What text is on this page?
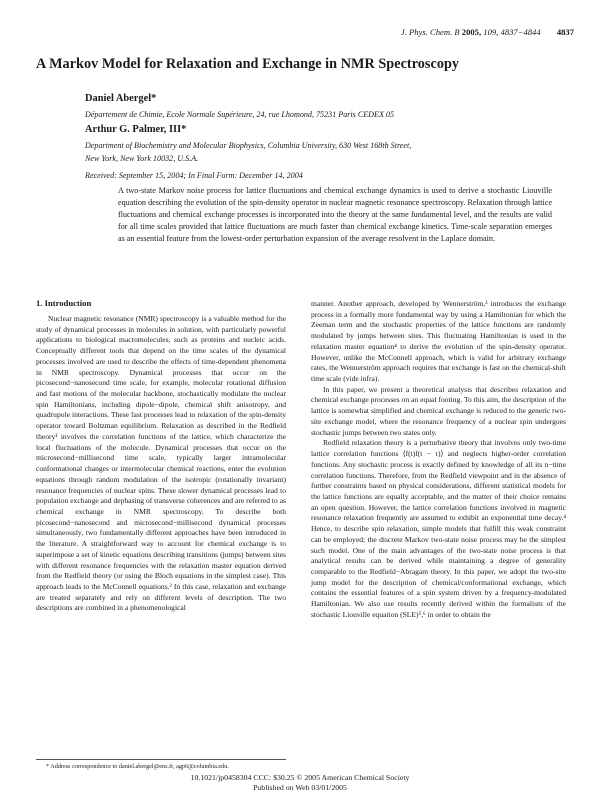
J. Phys. Chem. B 2005, 109, 4837−4844 4837
A Markov Model for Relaxation and Exchange in NMR Spectroscopy
Daniel Abergel*
Département de Chimie, Ecole Normale Supérieure, 24, rue Lhomond, 75231 Paris CEDEX 05
Arthur G. Palmer, III*
Department of Biochemistry and Molecular Biophysics, Columbia University, 630 West 168th Street,
New York, New York 10032, U.S.A.
Received: September 15, 2004; In Final Form: December 14, 2004
A two-state Markov noise process for lattice fluctuations and chemical exchange dynamics is used to derive a stochastic Liouville equation describing the evolution of the spin-density operator in nuclear magnetic resonance spectroscopy. Relaxation through lattice fluctuations and chemical exchange processes is incorporated into the theory at the same fundamental level, and the results are valid for all time scales provided that lattice fluctuations are much faster than chemical exchange kinetics. Time-scale separation emerges as an essential feature from the lowest-order perturbation expansion of the average resolvent in the Laplace domain.
1. Introduction

Nuclear magnetic resonance (NMR) spectroscopy is a valuable method for the study of dynamical processes in molecules in solution, with particularly powerful applications to biological macromolecules, such as proteins and nucleic acids. Conceptually different tools that depend on the time scales of the dynamical processes involved are used to describe the effects of time-dependent phenomena in NMR spectroscopy. Dynamical processes that occur on the picosecond−nanosecond time scale, for example, molecular rotational diffusion and fast motions of the molecular backbone, stochastically modulate the nuclear spin Hamiltonians, including dipole−dipole, chemical shift anisotropy, and quadrupole interactions. These fast processes lead to relaxation of the spin-density operator toward Boltzman equilibrium. Relaxation as described in the Redfield theory¹ involves the correlation functions of the lattice, which characterize the local fluctuations of the molecule. Dynamical processes that occur on the microsecond−millisecond time scale, typically larger intramolecular conformational changes or intermolecular chemical reactions, enter the evolution equations through random modulation of the isotropic (rotationally invariant) resonance frequencies of nuclear spins. These slower dynamical processes lead to population exchange and dephasing of transverse coherences and are referred to as chemical exchange in NMR spectroscopy. To describe both picosecond−nanosecond and microsecond−millisecond dynamical processes simultaneously, two fundamentally different approaches have been introduced in the literature. A straightforward way to account for chemical exchange is to superimpose a set of kinetic equations describing transitions (jumps) between sites with different resonance frequencies with the relaxation master equation derived from the Redfield theory (or using the Bloch equations in the simplest case). This approach leads to the McConnell equations.² In this case, relaxation and exchange are treated separately and rely on different levels of description. The two descriptions are combined in a phenomenological

manner. Another approach, developed by Wennerström,³ introduces the exchange process in a formally more fundamental way by using a Hamiltonian for which the Zeeman term and the stochastic properties of the lattice functions are randomly modulated by jumps between sites. This fluctuating Hamiltonian is used in the relaxation master equation⁴ to derive the evolution of the spin-density operator. However, unlike the McConnell approach, which is valid for arbitrary exchange rates, the Wennerström approach requires that exchange is fast on the chemical-shift time scale (vide infra).

In this paper, we present a theoretical analysis that describes relaxation and chemical exchange processes on an equal footing. To this aim, the description of the lattice is somewhat simplified and chemical exchange is reduced to the generic two-site exchange model, where the resonance frequency of a nuclear spin undergoes stochastic jumps between two states only.

Redfield relaxation theory is a perturbative theory that involves only two-time lattice correlation functions ⟨f(t)f(t − τ)⟩ and neglects higher-order correlation functions. Any stochastic process is exactly defined by knowledge of all its n−time correlation functions. Therefore, from the Redfield viewpoint and in the absence of further constraints based on physical considerations, different statistical models for the lattice functions are equally acceptable, and the matter of their choice remains an open question. However, the lattice correlation functions involved in magnetic resonance relaxation frequently are assumed to exhibit an exponential time decay.⁴ Hence, to describe spin relaxation, simple models that fulfill this weak constraint can be employed; the discrete Markov two-state noise process may be the simplest such model. One of the main advantages of the two-state noise process is that analytical results can be derived while maintaining a degree of generality comparable to the Redfield−Abragam theory. In this paper, we adopt the two-site jump model for the description of chemical/conformational exchange, which contains the essential features of a spin system driven by a frequency-modulated Hamiltonian. We also use results recently derived within the formalism of the stochastic Liouville equation (SLE)⁵,⁶ in order to obtain the

* Address correspondence to daniel.abergel@ens.fr, agp6@columbia.edu.
10.1021/jp0458304 CCC: $30.25 © 2005 American Chemical Society
Published on Web 03/01/2005
